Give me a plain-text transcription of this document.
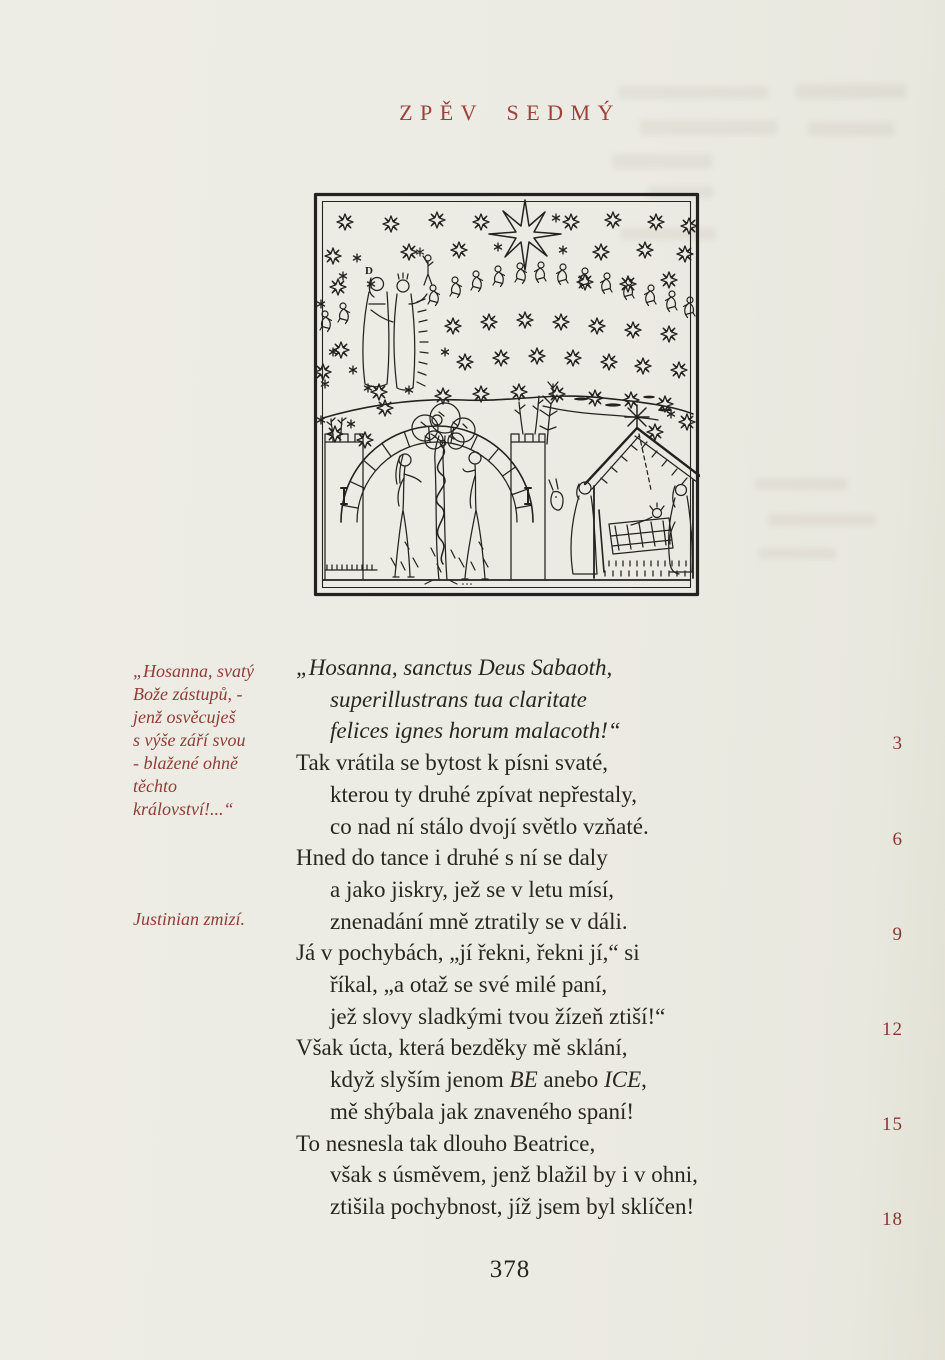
ZPĚV SEDMÝ
D
„Hosanna, svatý
Bože zástupů, -
jenž osvěcuješ
s výše září svou
- blažené ohně
těchto
království!...“
Justinian zmizí.
„Hosanna, sanctus Deus Sabaoth,
superillustrans tua claritate
felices ignes horum malacoth!“
Tak vrátila se bytost k písni svaté,
kterou ty druhé zpívat nepřestaly,
co nad ní stálo dvojí světlo vzňaté.
Hned do tance i druhé s ní se daly
a jako jiskry, jež se v letu mísí,
znenadání mně ztratily se v dáli.
Já v pochybách, „jí řekni, řekni jí,“ si
říkal, „a otaž se své milé paní,
jež slovy sladkými tvou žízeň ztiší!“
Však úcta, která bezděky mě sklání,
když slyším jenom BE anebo ICE,
mě shýbala jak znaveného spaní!
To nesnesla tak dlouho Beatrice,
však s úsměvem, jenž blažil by i v ohni,
ztišila pochybnost, jíž jsem byl sklíčen!
3
6
9
12
15
18
378
